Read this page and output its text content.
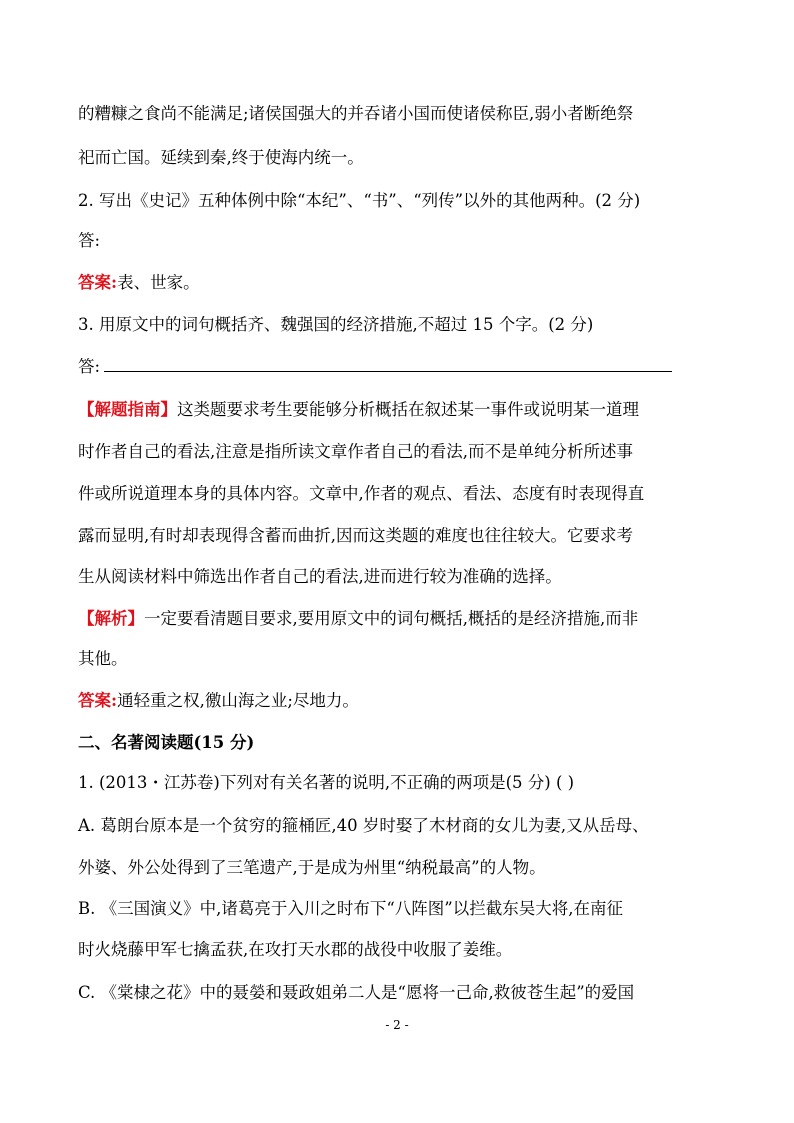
的糟糠之食尚不能满足;诸侯国强大的并吞诸小国而使诸侯称臣,弱小者断绝祭
祀而亡国。延续到秦,终于使海内统一。
2. 写出《史记》五种体例中除“本纪”、“书”、“列传”以外的其他两种。(2 分)
答:
答案:表、世家。
3. 用原文中的词句概括齐、魏强国的经济措施,不超过 15 个字。(2 分)
答:
【解题指南】这类题要求考生要能够分析概括在叙述某一事件或说明某一道理
时作者自己的看法,注意是指所读文章作者自己的看法,而不是单纯分析所述事
件或所说道理本身的具体内容。文章中,作者的观点、看法、态度有时表现得直
露而显明,有时却表现得含蓄而曲折,因而这类题的难度也往往较大。它要求考
生从阅读材料中筛选出作者自己的看法,进而进行较为准确的选择。
【解析】一定要看清题目要求,要用原文中的词句概括,概括的是经济措施,而非
其他。
答案:通轻重之权,徼山海之业;尽地力。
二、名著阅读题(15 分)
1. (2013・江苏卷)下列对有关名著的说明,不正确的两项是(5 分) ( )
A. 葛朗台原本是一个贫穷的箍桶匠,40 岁时娶了木材商的女儿为妻,又从岳母、
外婆、外公处得到了三笔遗产,于是成为州里“纳税最高”的人物。
B. 《三国演义》中,诸葛亮于入川之时布下“八阵图”以拦截东吴大将,在南征
时火烧藤甲军七擒孟获,在攻打天水郡的战役中收服了姜维。
C. 《棠棣之花》中的聂嫈和聂政姐弟二人是“愿将一己命,救彼苍生起”的爱国
- 2 -
